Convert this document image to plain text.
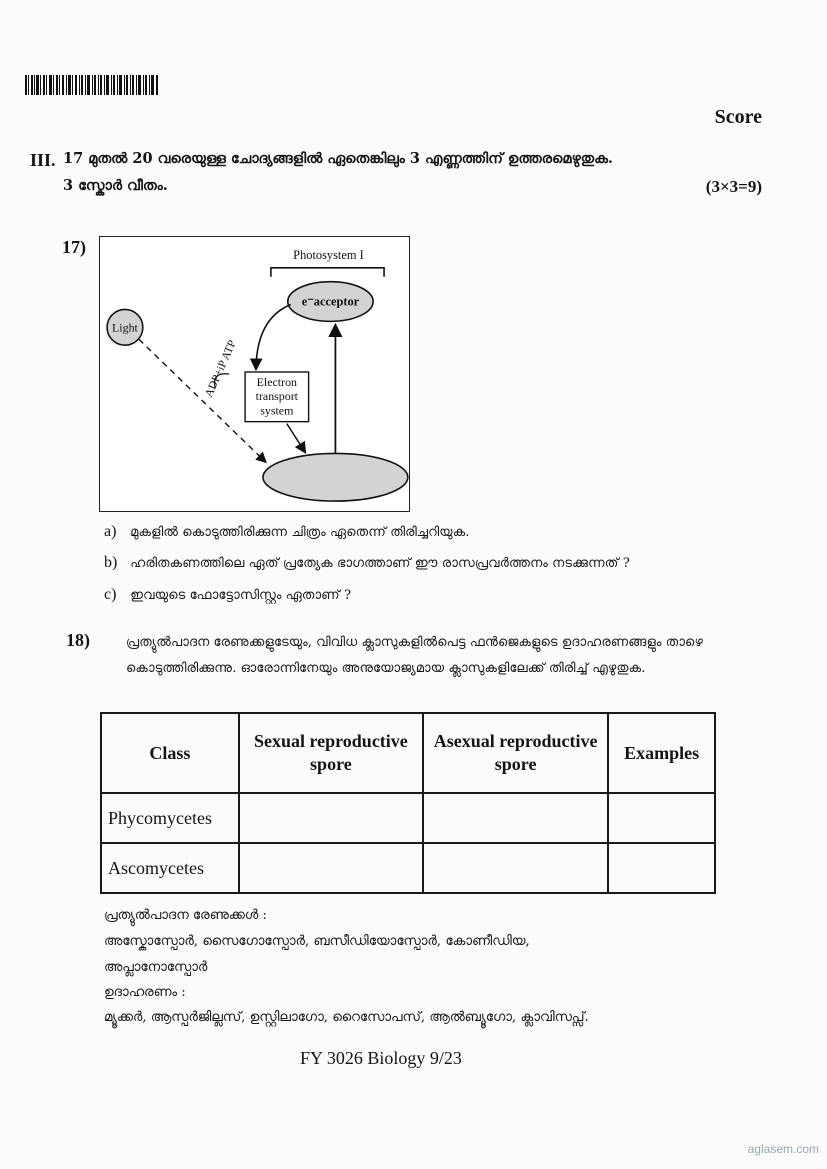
Score
III. 17 മുതൽ 20 വരെയുള്ള ചോദ്യങ്ങളിൽ ഏതെങ്കിലും 3 എണ്ണത്തിന് ഉത്തരമെഴുതുക.
3 സ്കോർ വീതം.	(3×3=9)
17)	Photosystem I
e⁻acceptor
Light
ADP+iP ATP Electron
transport
system
a) മുകളിൽ കൊടുത്തിരിക്കുന്ന ചിത്രം ഏതെന്ന് തിരിച്ചറിയുക.
b) ഹരിതകണത്തിലെ ഏത് പ്രത്യേക ഭാഗത്താണ് ഈ രാസപ്രവർത്തനം നടക്കുന്നത് ?
c) ഇവയുടെ ഫോട്ടോസിസ്റ്റം ഏതാണ് ?
18)	പ്രത്യുൽപാദന രേണുക്കളുടേയും, വിവിധ ക്ലാസുകളിൽപെട്ട ഫൻജെകളുടെ ഉദാഹരണങ്ങളും താഴെ കൊടുത്തിരിക്കുന്നു. ഓരോന്നിനേയും അനുയോജ്യമായ ക്ലാസുകളിലേക്ക് തിരിച്ച് എഴുതുക.
Class	Sexual reproductive spore	Asexual reproductive spore	Examples
Phycomycetes			
Ascomycetes			
പ്രത്യുൽപാദന രേണുക്കൾ :
അസ്കോസ്പോർ, സൈഗോസ്പോർ, ബസീഡിയോസ്പോർ, കോണീഡിയ,
അപ്ലാനോസ്പോർ
ഉദാഹരണം :
മ്യൂക്കർ, ആസ്പർജില്ലസ്, ഉസ്റ്റിലാഗോ, റൈസോപസ്, ആൽബ്യൂഗോ, ക്ലാവിസപ്സ്.
FY 3026 Biology 9/23
aglasem.com
